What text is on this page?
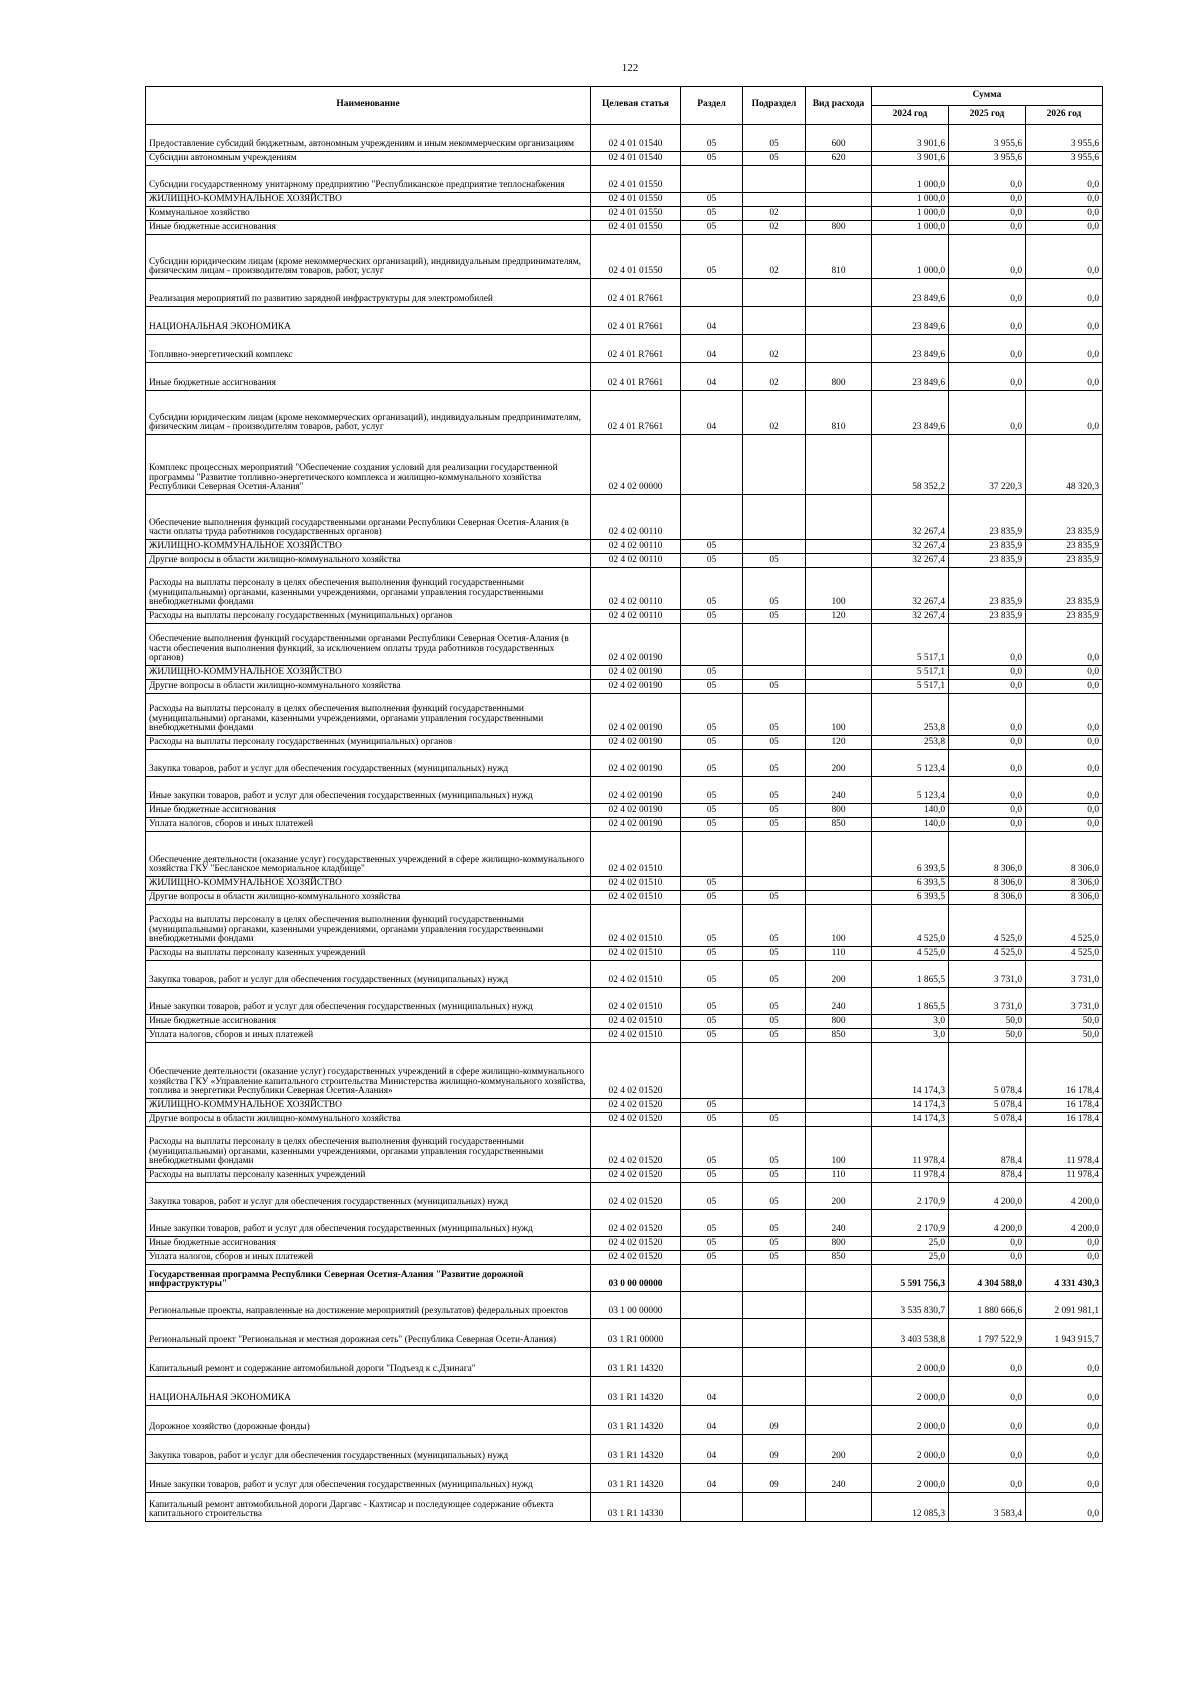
122
Наименование	Целевая статья	Раздел	Подраздел	Вид расхода	Сумма		
					2024 год	2025 год	2026 год
Предоставление субсидий бюджетным, автономным учреждениям и иным некоммерческим организациям	02 4 01 01540	05	05	600	3 901,6	3 955,6	3 955,6
Субсидии автономным учреждениям	02 4 01 01540	05	05	620	3 901,6	3 955,6	3 955,6
Субсидии государственному унитарному предприятию "Республиканское предприятие теплоснабжения	02 4 01 01550				1 000,0	0,0	0,0
ЖИЛИЩНО-КОММУНАЛЬНОЕ ХОЗЯЙСТВО	02 4 01 01550	05			1 000,0	0,0	0,0
Коммунальное хозяйство	02 4 01 01550	05	02		1 000,0	0,0	0,0
Иные бюджетные ассигнования	02 4 01 01550	05	02	800	1 000,0	0,0	0,0
Субсидии юридическим лицам (кроме некоммерческих организаций), индивидуальным предпринимателям, физическим лицам - производителям товаров, работ, услуг	02 4 01 01550	05	02	810	1 000,0	0,0	0,0
Реализация мероприятий по развитию зарядной инфраструктуры для электромобилей	02 4 01 R7661				23 849,6	0,0	0,0
НАЦИОНАЛЬНАЯ ЭКОНОМИКА	02 4 01 R7661	04			23 849,6	0,0	0,0
Топливно-энергетический комплекс	02 4 01 R7661	04	02		23 849,6	0,0	0,0
Иные бюджетные ассигнования	02 4 01 R7661	04	02	800	23 849,6	0,0	0,0
Субсидии юридическим лицам (кроме некоммерческих организаций), индивидуальным предпринимателям, физическим лицам - производителям товаров, работ, услуг	02 4 01 R7661	04	02	810	23 849,6	0,0	0,0
Комплекс процессных мероприятий "Обеспечение создания условий для реализации государственной программы "Развитие топливно-энергетического комплекса и жилищно-коммунального хозяйства Республики Северная Осетия-Алания"	02 4 02 00000				58 352,2	37 220,3	48 320,3
Обеспечение выполнения функций государственными органами Республики Северная Осетия-Алания (в части оплаты труда работников государственных органов)	02 4 02 00110				32 267,4	23 835,9	23 835,9
ЖИЛИЩНО-КОММУНАЛЬНОЕ ХОЗЯЙСТВО	02 4 02 00110	05			32 267,4	23 835,9	23 835,9
Другие вопросы в области жилищно-коммунального хозяйства	02 4 02 00110	05	05		32 267,4	23 835,9	23 835,9
Расходы на выплаты персоналу в целях обеспечения выполнения функций государственными (муниципальными) органами, казенными учреждениями, органами управления государственными внебюджетными фондами	02 4 02 00110	05	05	100	32 267,4	23 835,9	23 835,9
Расходы на выплаты персоналу государственных (муниципальных) органов	02 4 02 00110	05	05	120	32 267,4	23 835,9	23 835,9
Обеспечение выполнения функций государственными органами Республики Северная Осетия-Алания (в части обеспечения выполнения функций, за исключением оплаты труда работников государственных органов)	02 4 02 00190				5 517,1	0,0	0,0
ЖИЛИЩНО-КОММУНАЛЬНОЕ ХОЗЯЙСТВО	02 4 02 00190	05			5 517,1	0,0	0,0
Другие вопросы в области жилищно-коммунального хозяйства	02 4 02 00190	05	05		5 517,1	0,0	0,0
Расходы на выплаты персоналу в целях обеспечения выполнения функций государственными (муниципальными) органами, казенными учреждениями, органами управления государственными внебюджетными фондами	02 4 02 00190	05	05	100	253,8	0,0	0,0
Расходы на выплаты персоналу государственных (муниципальных) органов	02 4 02 00190	05	05	120	253,8	0,0	0,0
Закупка товаров, работ и услуг для обеспечения государственных (муниципальных) нужд	02 4 02 00190	05	05	200	5 123,4	0,0	0,0
Иные закупки товаров, работ и услуг для обеспечения государственных (муниципальных) нужд	02 4 02 00190	05	05	240	5 123,4	0,0	0,0
Иные бюджетные ассигнования	02 4 02 00190	05	05	800	140,0	0,0	0,0
Уплата налогов, сборов и иных платежей	02 4 02 00190	05	05	850	140,0	0,0	0,0
Обеспечение деятельности (оказание услуг) государственных учреждений в сфере жилищно-коммунального хозяйства ГКУ "Бесланское мемориальное кладбище"	02 4 02 01510				6 393,5	8 306,0	8 306,0
ЖИЛИЩНО-КОММУНАЛЬНОЕ ХОЗЯЙСТВО	02 4 02 01510	05			6 393,5	8 306,0	8 306,0
Другие вопросы в области жилищно-коммунального хозяйства	02 4 02 01510	05	05		6 393,5	8 306,0	8 306,0
Расходы на выплаты персоналу в целях обеспечения выполнения функций государственными (муниципальными) органами, казенными учреждениями, органами управления государственными внебюджетными фондами	02 4 02 01510	05	05	100	4 525,0	4 525,0	4 525,0
Расходы на выплаты персоналу казенных учреждений	02 4 02 01510	05	05	110	4 525,0	4 525,0	4 525,0
Закупка товаров, работ и услуг для обеспечения государственных (муниципальных) нужд	02 4 02 01510	05	05	200	1 865,5	3 731,0	3 731,0
Иные закупки товаров, работ и услуг для обеспечения государственных (муниципальных) нужд	02 4 02 01510	05	05	240	1 865,5	3 731,0	3 731,0
Иные бюджетные ассигнования	02 4 02 01510	05	05	800	3,0	50,0	50,0
Уплата налогов, сборов и иных платежей	02 4 02 01510	05	05	850	3,0	50,0	50,0
Обеспечение деятельности (оказание услуг) государственных учреждений в сфере жилищно-коммунального хозяйства ГКУ «Управление капитального строительства Министерства жилищно-коммунального хозяйства, топлива и энергетики Республики Северная Осетия-Алания»	02 4 02 01520				14 174,3	5 078,4	16 178,4
ЖИЛИЩНО-КОММУНАЛЬНОЕ ХОЗЯЙСТВО	02 4 02 01520	05			14 174,3	5 078,4	16 178,4
Другие вопросы в области жилищно-коммунального хозяйства	02 4 02 01520	05	05		14 174,3	5 078,4	16 178,4
Расходы на выплаты персоналу в целях обеспечения выполнения функций государственными (муниципальными) органами, казенными учреждениями, органами управления государственными внебюджетными фондами	02 4 02 01520	05	05	100	11 978,4	878,4	11 978,4
Расходы на выплаты персоналу казенных учреждений	02 4 02 01520	05	05	110	11 978,4	878,4	11 978,4
Закупка товаров, работ и услуг для обеспечения государственных (муниципальных) нужд	02 4 02 01520	05	05	200	2 170,9	4 200,0	4 200,0
Иные закупки товаров, работ и услуг для обеспечения государственных (муниципальных) нужд	02 4 02 01520	05	05	240	2 170,9	4 200,0	4 200,0
Иные бюджетные ассигнования	02 4 02 01520	05	05	800	25,0	0,0	0,0
Уплата налогов, сборов и иных платежей	02 4 02 01520	05	05	850	25,0	0,0	0,0
Государственная программа Республики Северная Осетия-Алания "Развитие дорожной инфраструктуры"	03 0 00 00000				5 591 756,3	4 304 588,0	4 331 430,3
Региональные проекты, направленные на достижение мероприятий (результатов) федеральных проектов	03 1 00 00000				3 535 830,7	1 880 666,6	2 091 981,1
Региональный проект "Региональная и местная дорожная сеть" (Республика Северная Осети-Алания)	03 1 R1 00000				3 403 538,8	1 797 522,9	1 943 915,7
Капитальный ремонт и содержание автомобильной дороги "Подъезд к с.Дзинага"	03 1 R1 14320				2 000,0	0,0	0,0
НАЦИОНАЛЬНАЯ ЭКОНОМИКА	03 1 R1 14320	04			2 000,0	0,0	0,0
Дорожное хозяйство (дорожные фонды)	03 1 R1 14320	04	09		2 000,0	0,0	0,0
Закупка товаров, работ и услуг для обеспечения государственных (муниципальных) нужд	03 1 R1 14320	04	09	200	2 000,0	0,0	0,0
Иные закупки товаров, работ и услуг для обеспечения государственных (муниципальных) нужд	03 1 R1 14320	04	09	240	2 000,0	0,0	0,0
Капитальный ремонт автомобильной дороги Даргавс - Кахтисар и последующее содержание объекта капитального строительства	03 1 R1 14330				12 085,3	3 583,4	0,0
